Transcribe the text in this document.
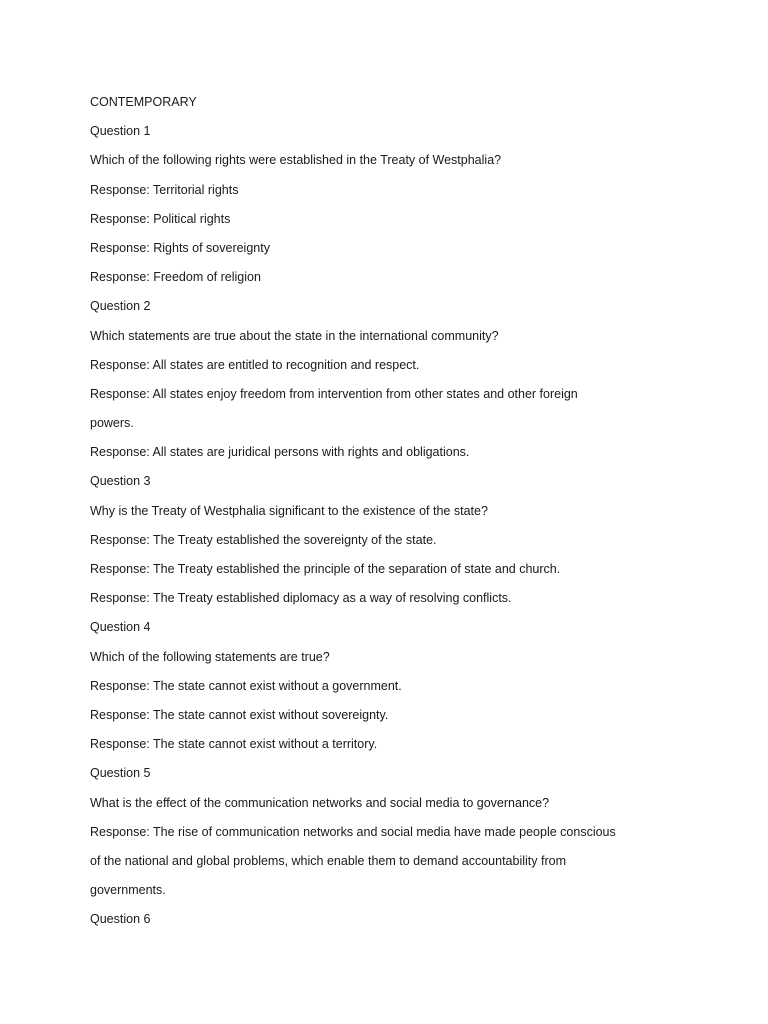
CONTEMPORARY
Question 1
Which of the following rights were established in the Treaty of Westphalia?
Response: Territorial rights
Response: Political rights
Response: Rights of sovereignty
Response: Freedom of religion
Question 2
Which statements are true about the state in the international community?
Response: All states are entitled to recognition and respect.
Response: All states enjoy freedom from intervention from other states and other foreign
powers.
Response: All states are juridical persons with rights and obligations.
Question 3
Why is the Treaty of Westphalia significant to the existence of the state?
Response: The Treaty established the sovereignty of the state.
Response: The Treaty established the principle of the separation of state and church.
Response: The Treaty established diplomacy as a way of resolving conflicts.
Question 4
Which of the following statements are true?
Response: The state cannot exist without a government.
Response: The state cannot exist without sovereignty.
Response: The state cannot exist without a territory.
Question 5
What is the effect of the communication networks and social media to governance?
Response: The rise of communication networks and social media have made people conscious
of the national and global problems, which enable them to demand accountability from
governments.
Question 6
